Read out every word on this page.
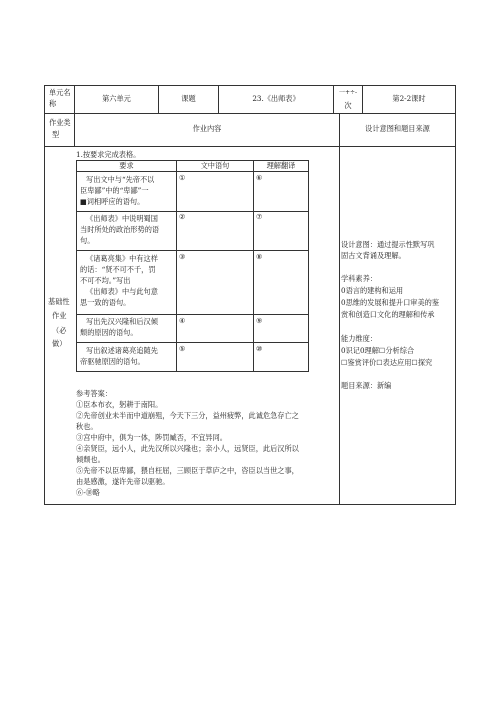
单元名
称
第六单元	课题	23.《出师表》
一+÷-
次
第2-2课时
作业类
型
作业内容	设计意图和题目来源
基础性
作业
（必
做）
1.按要求完成表格。
要求	文中语句	理解翻译
写出文中与“先帝不以
臣卑鄙”中的“卑鄙”一
■词相呼应的语句。
①	⑥
《出师表》中说明蜀国
当时所处的政治形势的语
句。
②	⑦
《诸葛亮集》中有这样
的话：“贤不可不千，罚
不可不均。”写出
《出师表》中与此句意
思一致的语句。
③	⑧
写出先汉兴隆和后汉倾
颓的原因的语句。
④	⑨
写出叙述诸葛亮追随先
帝驱驰原因的语句。
⑤	⑩
参考答案：
①臣本布衣，躬耕于南阳。
②先帝创业未半而中道崩殂，今天下三分，益州疲弊，此诚危急存亡之
秋也。
③宫中府中，俱为一体，陟罚臧否，不宜异同。
④亲贤臣，远小人，此先汉所以兴隆也；亲小人，远贤臣，此后汉所以
倾颓也。
⑤先帝不以臣卑鄙，猥自枉屈，三顾臣于草庐之中，咨臣以当世之事，
由是感激，遂许先帝以驱驰。
⑥-⑩略
设计意图：通过提示性默写巩
固古文背诵及理解。
学科素养：
0语言的建构和运用
0思维的发展和提升口审美的鉴
赏和创造口文化的理解和传承
能力维度：
0识记0理解☐分析综合
☐鉴赏评价☐表达应用☐探究
题目来源：新编
